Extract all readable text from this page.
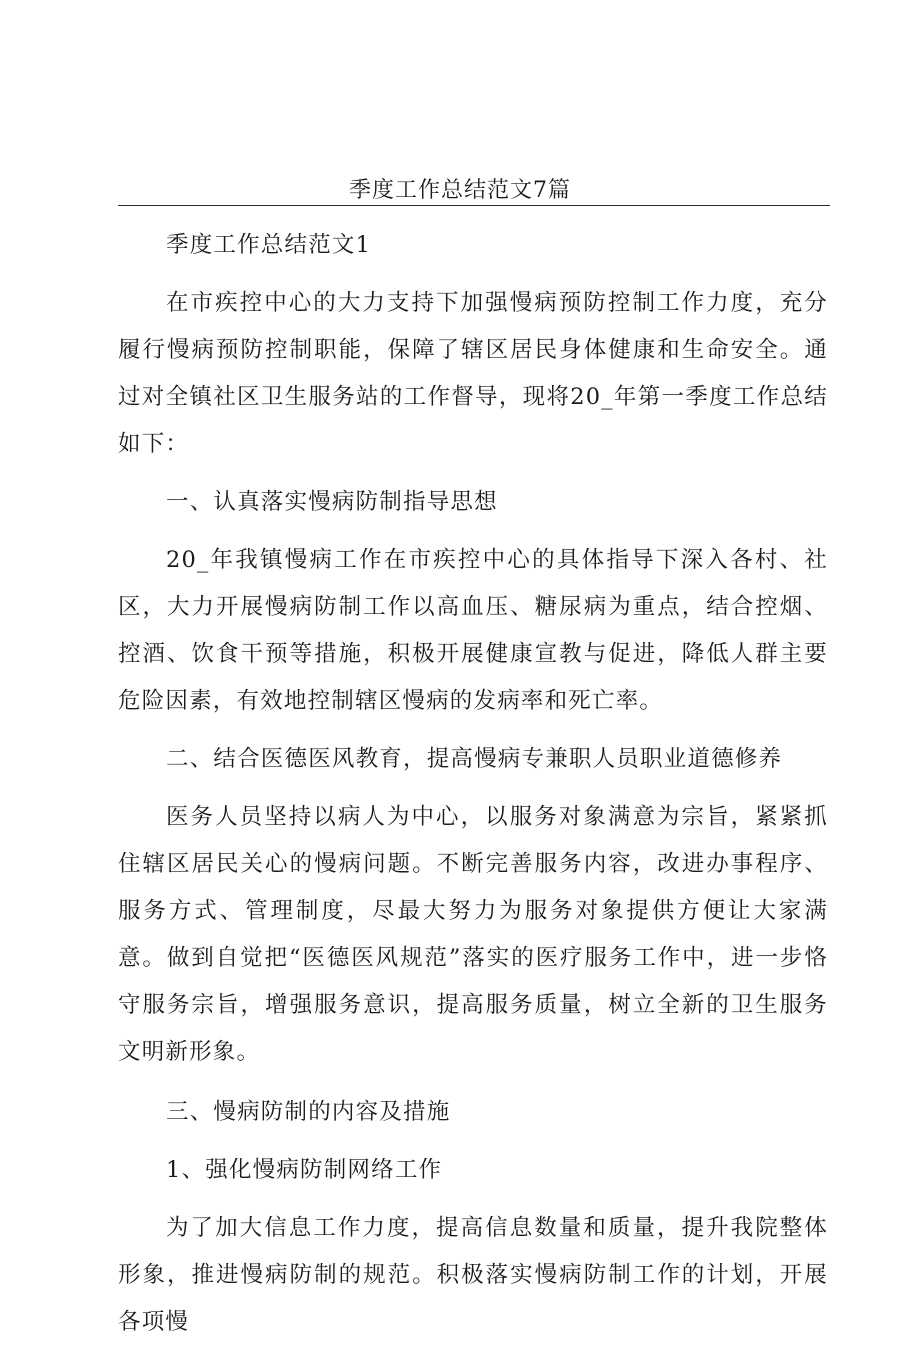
季度工作总结范文7篇

季度工作总结范文1

在市疾控中心的大力支持下加强慢病预防控制工作力度，充分履行慢病预防控制职能，保障了辖区居民身体健康和生命安全。通过对全镇社区卫生服务站的工作督导，现将20_年第一季度工作总结如下：

一、认真落实慢病防制指导思想

20_年我镇慢病工作在市疾控中心的具体指导下深入各村、社区，大力开展慢病防制工作以高血压、糖尿病为重点，结合控烟、控酒、饮食干预等措施，积极开展健康宣教与促进，降低人群主要危险因素，有效地控制辖区慢病的发病率和死亡率。

二、结合医德医风教育，提高慢病专兼职人员职业道德修养

医务人员坚持以病人为中心，以服务对象满意为宗旨，紧紧抓住辖区居民关心的慢病问题。不断完善服务内容，改进办事程序、服务方式、管理制度，尽最大努力为服务对象提供方便让大家满意。做到自觉把“医德医风规范”落实的医疗服务工作中，进一步恪守服务宗旨，增强服务意识，提高服务质量，树立全新的卫生服务文明新形象。

三、慢病防制的内容及措施

1、强化慢病防制网络工作

为了加大信息工作力度，提高信息数量和质量，提升我院整体形象，推进慢病防制的规范。积极落实慢病防制工作的计划，开展各项慢
